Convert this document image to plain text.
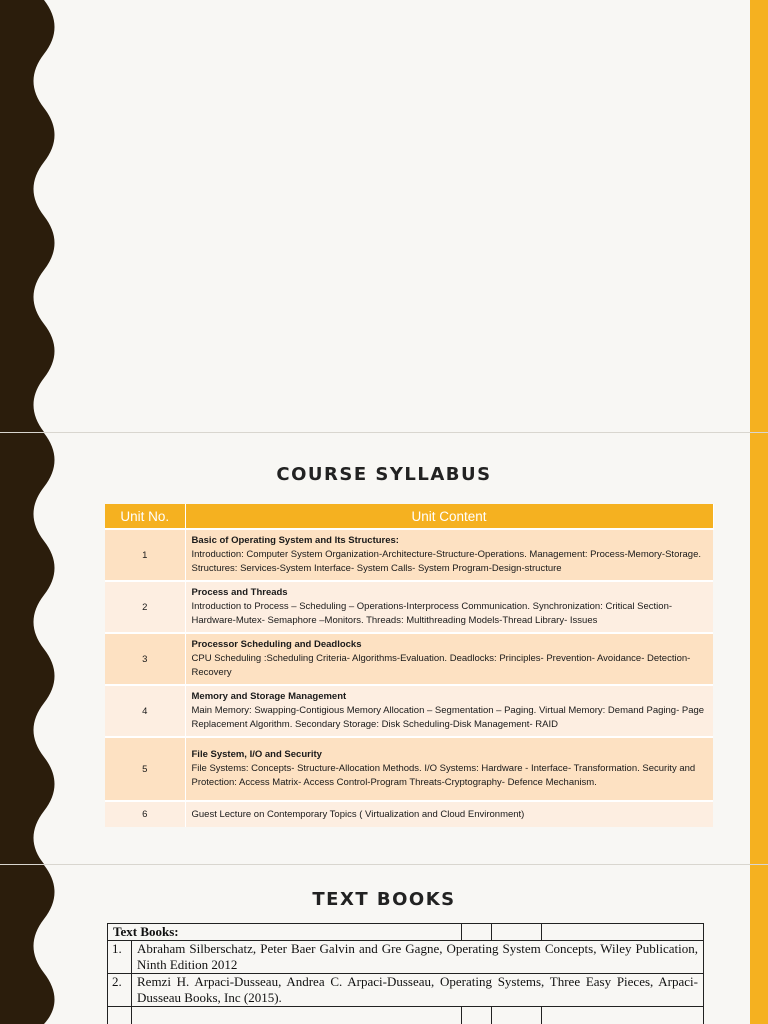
COURSE SYLLABUS
Unit No.	Unit Content
1	Basic of Operating System and Its Structures:
Introduction: Computer System Organization-Architecture-Structure-Operations. Management: Process-Memory-Storage. Structures: Services-System Interface- System Calls- System Program-Design-structure
2	Process and Threads
Introduction to Process – Scheduling – Operations-Interprocess Communication. Synchronization: Critical Section-Hardware-Mutex- Semaphore –Monitors. Threads: Multithreading Models-Thread Library- Issues
3	Processor Scheduling and Deadlocks
CPU Scheduling :Scheduling Criteria- Algorithms-Evaluation. Deadlocks: Principles- Prevention- Avoidance- Detection-Recovery
4	Memory and Storage Management
Main Memory: Swapping-Contigious Memory Allocation – Segmentation – Paging. Virtual Memory: Demand Paging- Page Replacement Algorithm. Secondary Storage: Disk Scheduling-Disk Management- RAID
5	File System, I/O and Security
File Systems: Concepts- Structure-Allocation Methods. I/O Systems: Hardware - Interface- Transformation. Security and Protection: Access Matrix- Access Control-Program Threats-Cryptography- Defence Mechanism.
6	Guest Lecture on Contemporary Topics ( Virtualization and Cloud Environment)
TEXT BOOKS
Text Books:				
1.	Abraham Silberschatz, Peter Baer Galvin and Gre Gagne, Operating System Concepts, Wiley Publication, Ninth Edition 2012			
2.	Remzi H. Arpaci-Dusseau, Andrea C. Arpaci-Dusseau, Operating Systems, Three Easy Pieces, Arpaci-Dusseau Books, Inc (2015).			
